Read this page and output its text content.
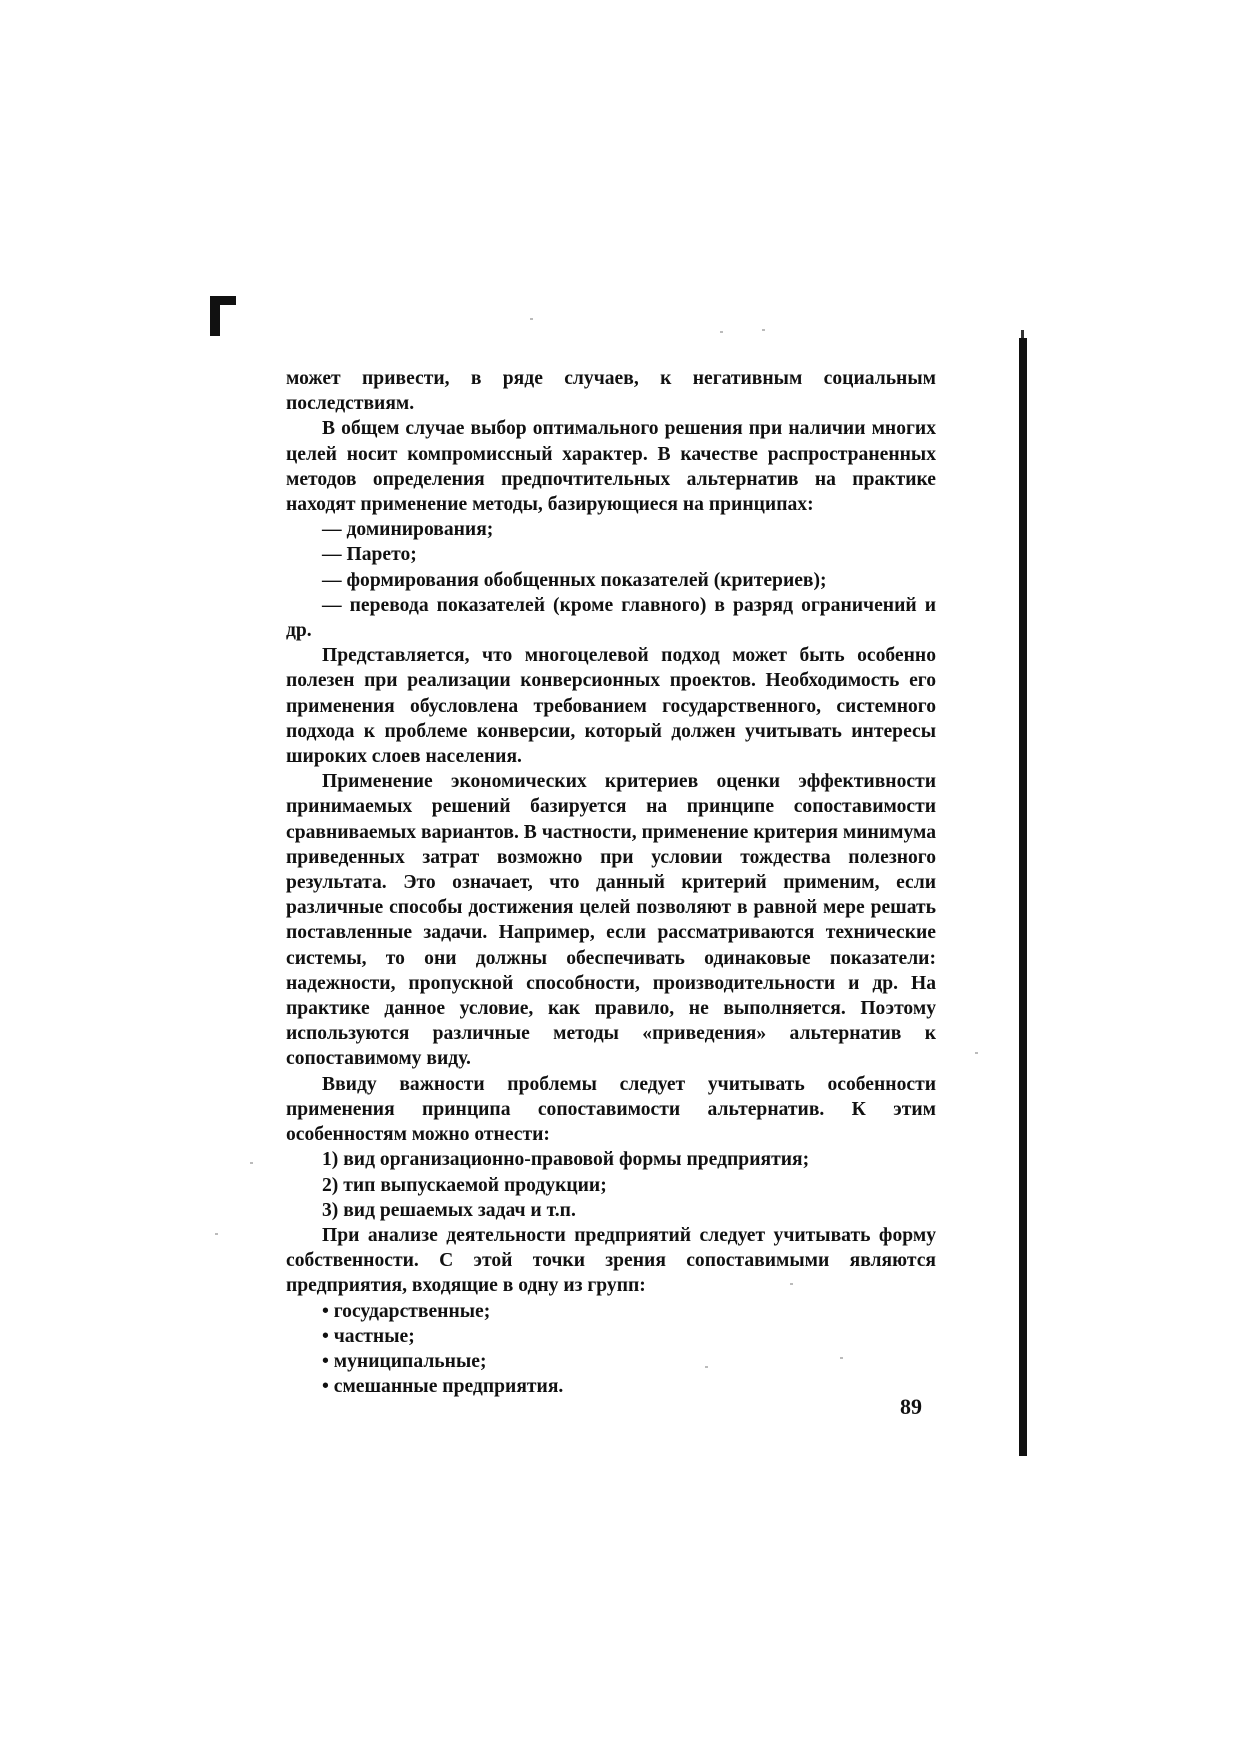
может привести, в ряде случаев, к негативным социальным последствиям.

В общем случае выбор оптимального решения при наличии многих целей носит компромиссный характер. В качестве распространенных методов определения предпочтительных альтернатив на практике находят применение методы, базирующиеся на принципах:

— доминирования;
— Парето;
— формирования обобщенных показателей (критериев);

— перевода показателей (кроме главного) в разряд ограничений и др.

Представляется, что многоцелевой подход может быть особенно полезен при реализации конверсионных проектов. Необходимость его применения обусловлена требованием государственного, системного подхода к проблеме конверсии, который должен учитывать интересы широких слоев населения.

Применение экономических критериев оценки эффективности принимаемых решений базируется на принципе сопоставимости сравниваемых вариантов. В частности, применение критерия минимума приведенных затрат возможно при условии тождества полезного результата. Это означает, что данный критерий применим, если различные способы достижения целей позволяют в равной мере решать поставленные задачи. Например, если рассматриваются технические системы, то они должны обеспечивать одинаковые показатели: надежности, пропускной способности, производительности и др. На практике данное условие, как правило, не выполняется. Поэтому используются различные методы «приведения» альтернатив к сопоставимому виду.

Ввиду важности проблемы следует учитывать особенности применения принципа сопоставимости альтернатив. К этим особенностям можно отнести:

1) вид организационно-правовой формы предприятия;
2) тип выпускаемой продукции;
3) вид решаемых задач и т.п.

При анализе деятельности предприятий следует учитывать форму собственности. С этой точки зрения сопоставимыми являются предприятия, входящие в одну из групп:

• государственные;
• частные;
• муниципальные;
• смешанные предприятия.
89
